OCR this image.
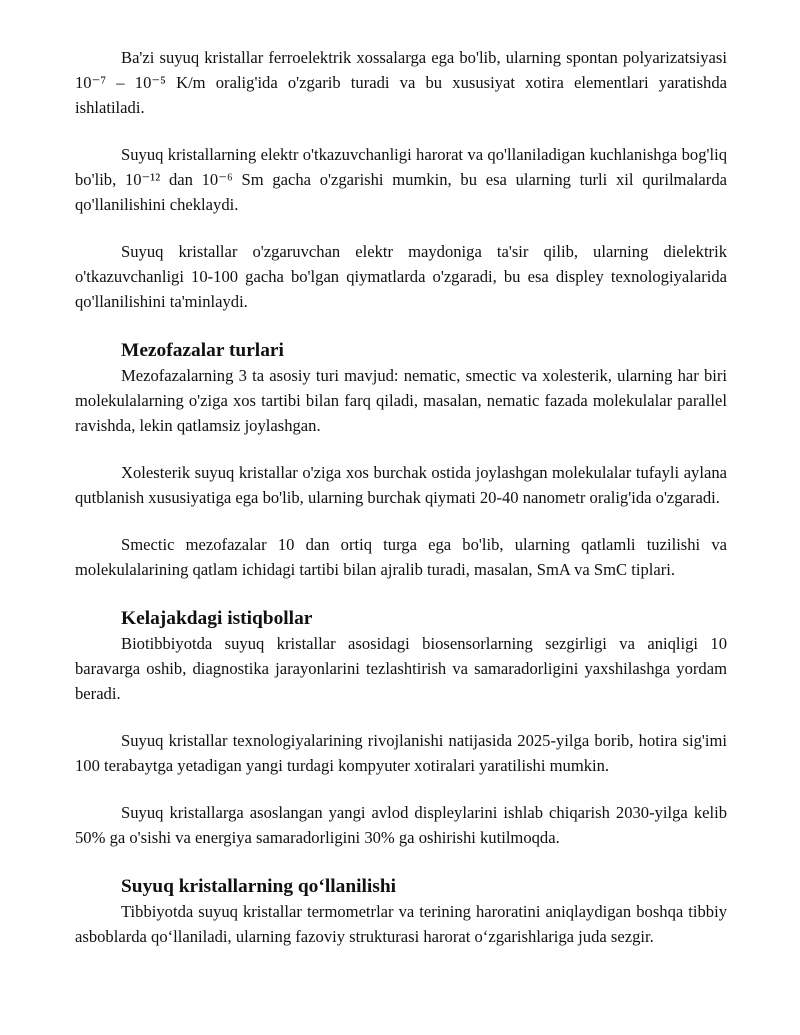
Ba'zi suyuq kristallar ferroelektrik xossalarga ega bo'lib, ularning spontan polyarizatsiyasi 10⁻⁷ – 10⁻⁵ K/m oralig'ida o'zgarib turadi va bu xususiyat xotira elementlari yaratishda ishlatiladi.

Suyuq kristallarning elektr o'tkazuvchanligi harorat va qo'llaniladigan kuchlanishga bog'liq bo'lib, 10⁻¹² dan 10⁻⁶ Sm gacha o'zgarishi mumkin, bu esa ularning turli xil qurilmalarda qo'llanilishini cheklaydi.

Suyuq kristallar o'zgaruvchan elektr maydoniga ta'sir qilib, ularning dielektrik o'tkazuvchanligi 10-100 gacha bo'lgan qiymatlarda o'zgaradi, bu esa displey texnologiyalarida qo'llanilishini ta'minlaydi.

Mezofazalar turlari

Mezofazalarning 3 ta asosiy turi mavjud: nematic, smectic va xolesterik, ularning har biri molekulalarning o'ziga xos tartibi bilan farq qiladi, masalan, nematic fazada molekulalar parallel ravishda, lekin qatlamsiz joylashgan.

Xolesterik suyuq kristallar o'ziga xos burchak ostida joylashgan molekulalar tufayli aylana qutblanish xususiyatiga ega bo'lib, ularning burchak qiymati 20-40 nanometr oralig'ida o'zgaradi.

Smectic mezofazalar 10 dan ortiq turga ega bo'lib, ularning qatlamli tuzilishi va molekulalarining qatlam ichidagi tartibi bilan ajralib turadi, masalan, SmA va SmC tiplari.

Kelajakdagi istiqbollar

Biotibbiyotda suyuq kristallar asosidagi biosensorlarning sezgirligi va aniqligi 10 baravarga oshib, diagnostika jarayonlarini tezlashtirish va samaradorligini yaxshilashga yordam beradi.

Suyuq kristallar texnologiyalarining rivojlanishi natijasida 2025-yilga borib, hotira sig'imi 100 terabaytga yetadigan yangi turdagi kompyuter xotiralari yaratilishi mumkin.

Suyuq kristallarga asoslangan yangi avlod displeylarini ishlab chiqarish 2030-yilga kelib 50% ga o'sishi va energiya samaradorligini 30% ga oshirishi kutilmoqda.

Suyuq kristallarning qo‘llanilishi

Tibbiyotda suyuq kristallar termometrlar va terining haroratini aniqlaydigan boshqa tibbiy asboblarda qo‘llaniladi, ularning fazoviy strukturasi harorat o‘zgarishlariga juda sezgir.
